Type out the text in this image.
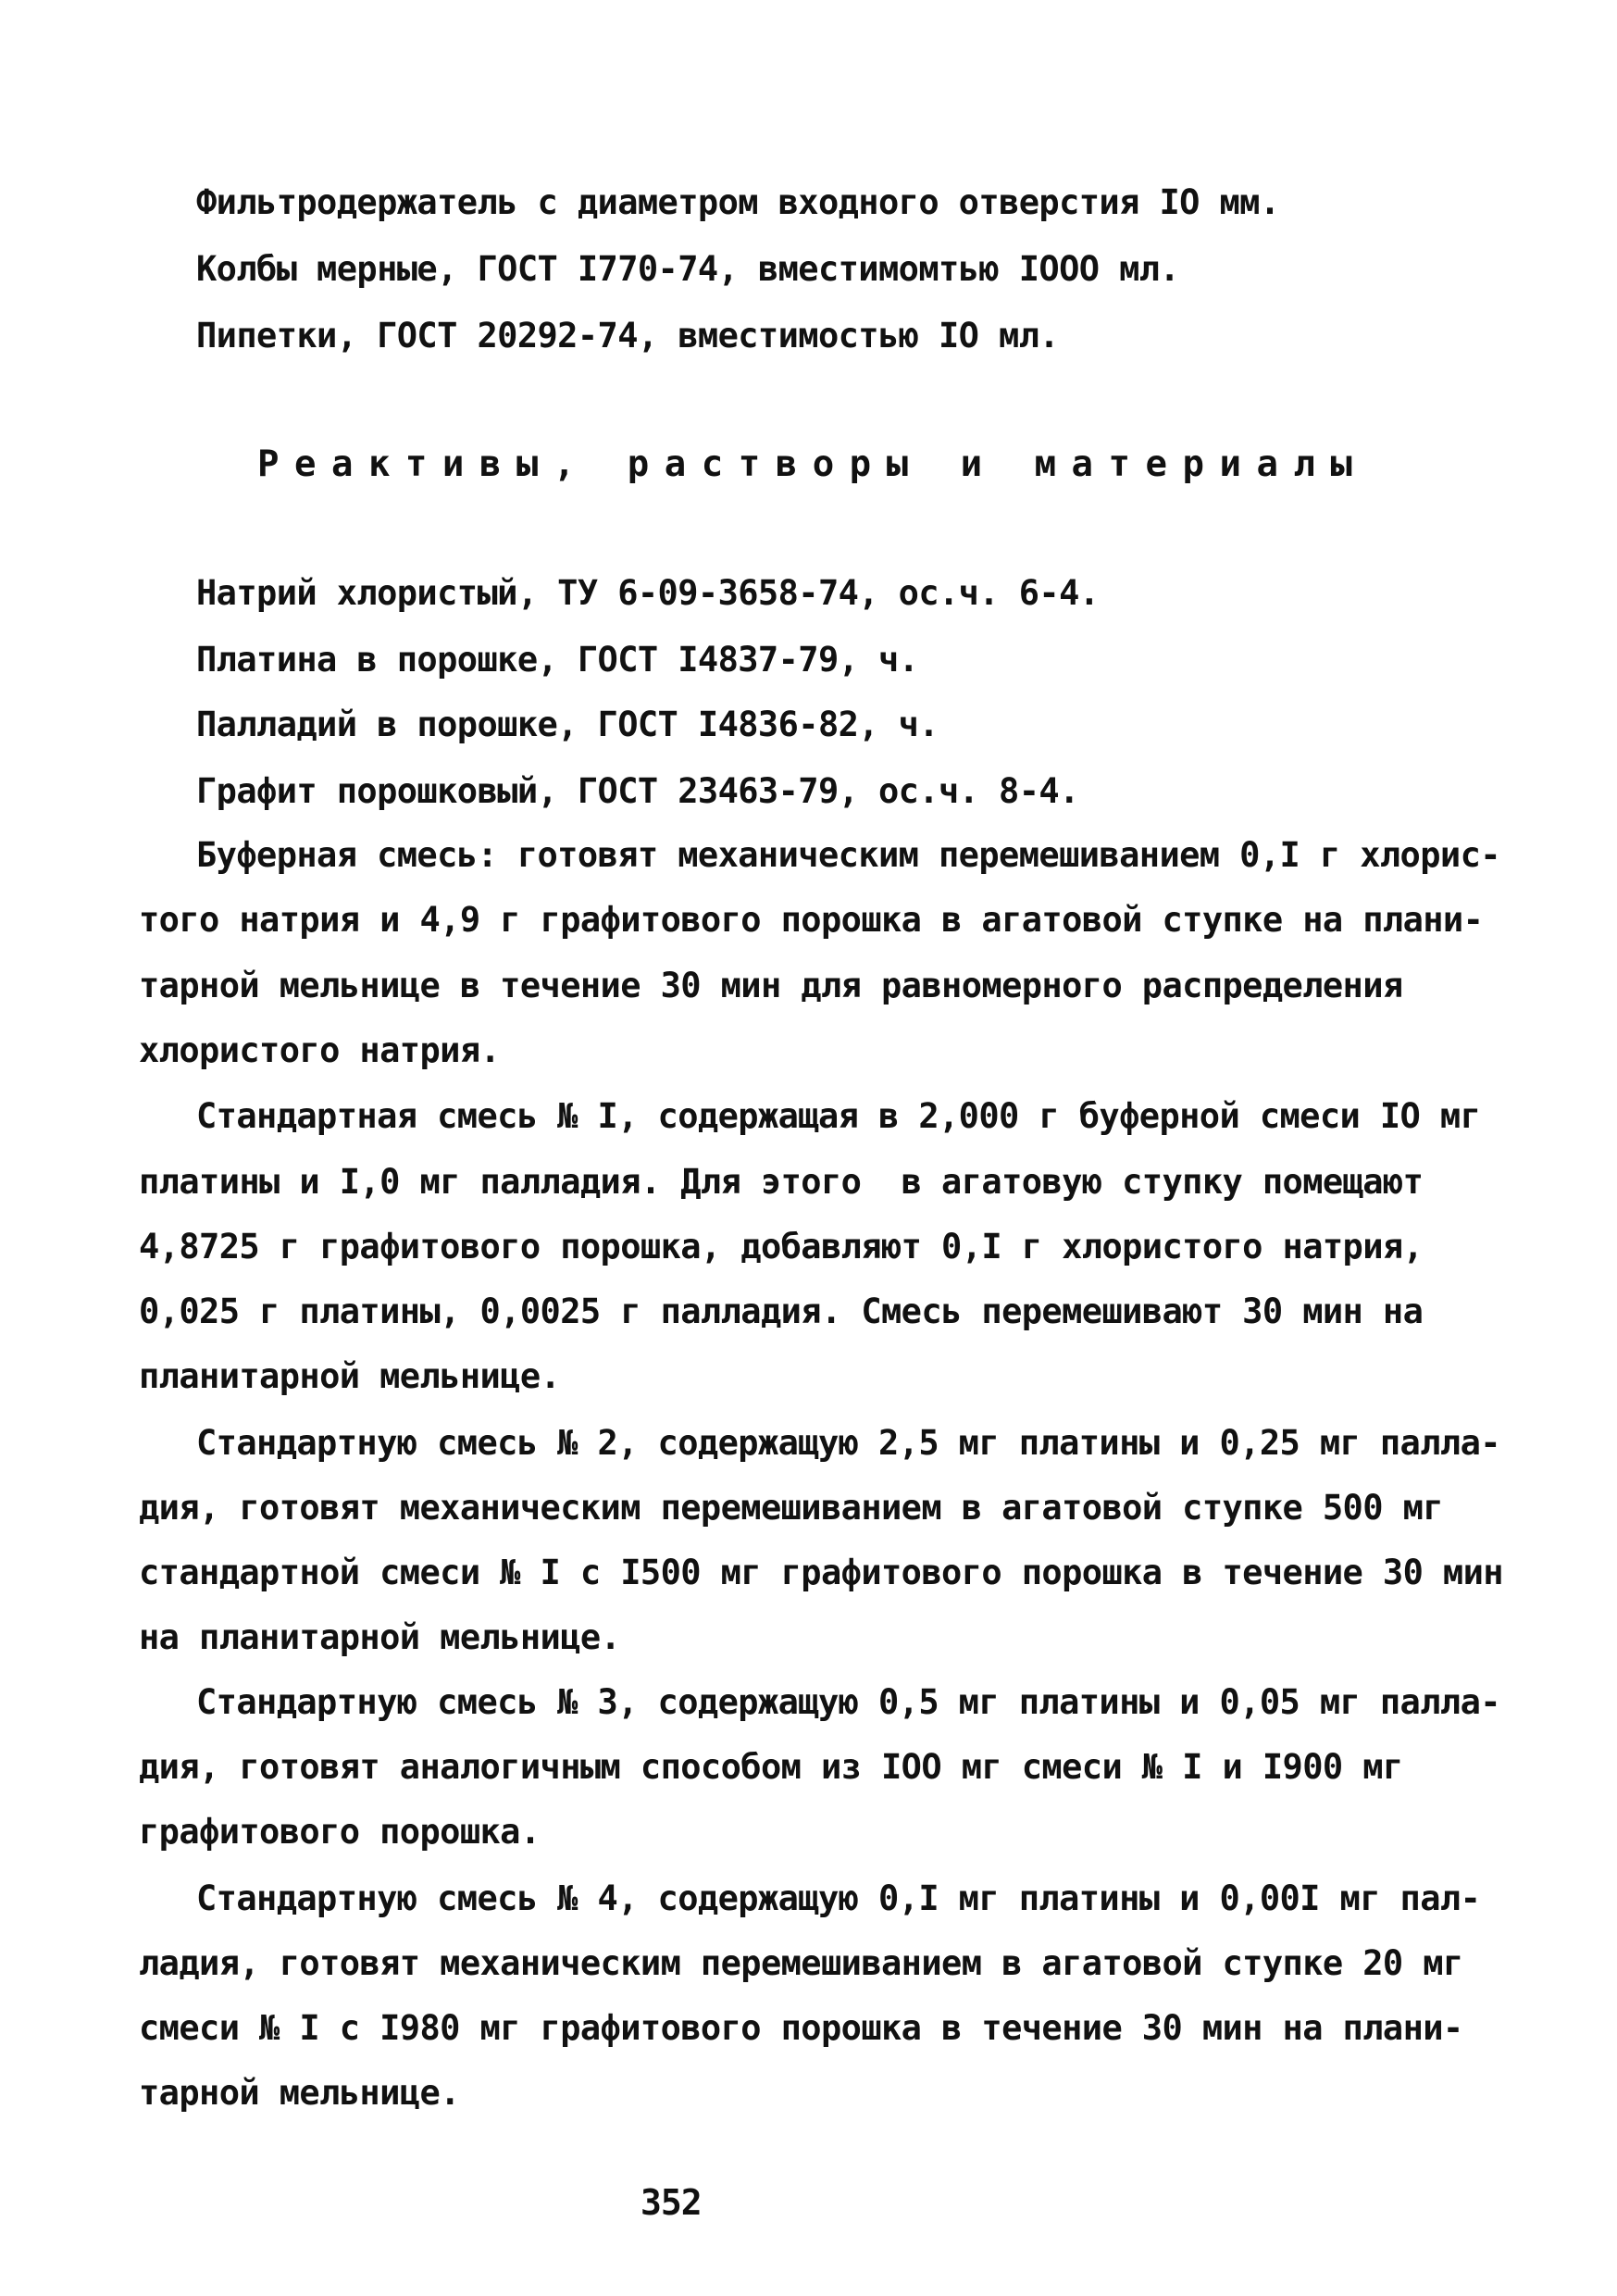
Фильтродержатель с диаметром входного отверстия IO мм.
Колбы мерные, ГОСТ I770-74, вместимомтью IOOO мл.
Пипетки, ГОСТ 20292-74, вместимостью IO мл.
Реактивы, растворы и материалы
Натрий хлористый, ТУ 6-09-3658-74, ос.ч. 6-4.
Платина в порошке, ГОСТ I4837-79, ч.
Палладий в порошке, ГОСТ I4836-82, ч.
Графит порошковый, ГОСТ 23463-79, ос.ч. 8-4.
Буферная смесь: готовят механическим перемешиванием 0,I г хлорис-
того натрия и 4,9 г графитового порошка в агатовой ступке на плани-
тарной мельнице в течение 30 мин для равномерного распределения
хлористого натрия.
Стандартная смесь № I, содержащая в 2,000 г буферной смеси IO мг
платины и I,0 мг палладия. Для этого  в агатовую ступку помещают
4,8725 г графитового порошка, добавляют 0,I г хлористого натрия,
0,025 г платины, 0,0025 г палладия. Смесь перемешивают 30 мин на
планитарной мельнице.
Стандартную смесь № 2, содержащую 2,5 мг платины и 0,25 мг палла-
дия, готовят механическим перемешиванием в агатовой ступке 500 мг
стандартной смеси № I с I500 мг графитового порошка в течение 30 мин
на планитарной мельнице.
Стандартную смесь № 3, содержащую 0,5 мг платины и 0,05 мг палла-
дия, готовят аналогичным способом из IOO мг смеси № I и I900 мг
графитового порошка.
Стандартную смесь № 4, содержащую 0,I мг платины и 0,00I мг пал-
ладия, готовят механическим перемешиванием в агатовой ступке 20 мг
смеси № I с I980 мг графитового порошка в течение 30 мин на плани-
тарной мельнице.
352
